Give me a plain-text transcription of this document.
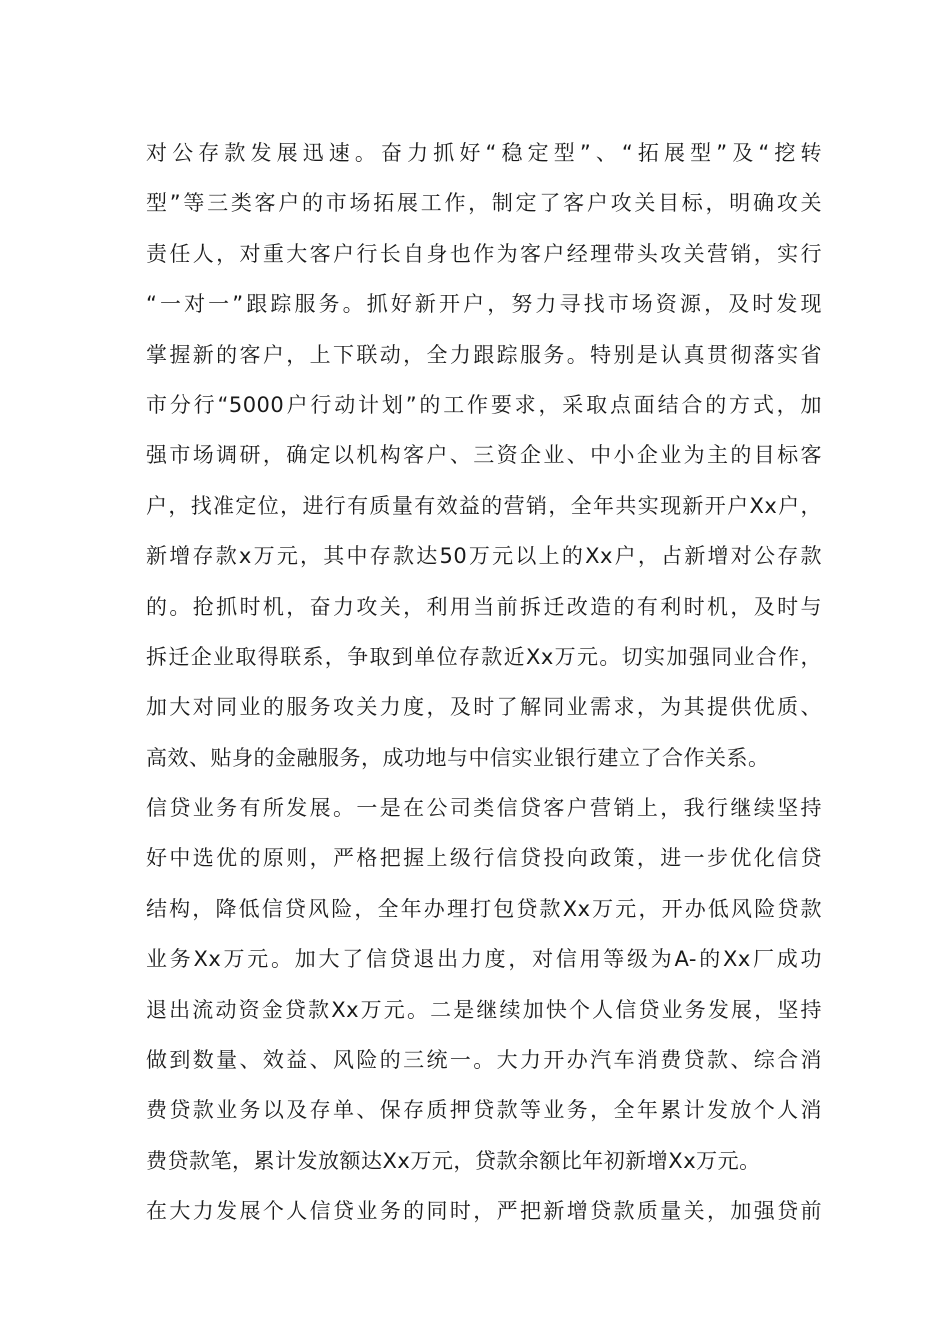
对公存款发展迅速。奋力抓好“稳定型”、“拓展型”及“挖转
型”等三类客户的市场拓展工作，制定了客户攻关目标，明确攻关
责任人，对重大客户行长自身也作为客户经理带头攻关营销，实行
“一对一”跟踪服务。抓好新开户，努力寻找市场资源，及时发现
掌握新的客户，上下联动，全力跟踪服务。特别是认真贯彻落实省
市分行“5000户行动计划”的工作要求，采取点面结合的方式，加
强市场调研，确定以机构客户、三资企业、中小企业为主的目标客
户，找准定位，进行有质量有效益的营销，全年共实现新开户Xx户，
新增存款x万元，其中存款达50万元以上的Xx户，占新增对公存款
的。抢抓时机，奋力攻关，利用当前拆迁改造的有利时机，及时与
拆迁企业取得联系，争取到单位存款近Xx万元。切实加强同业合作，
加大对同业的服务攻关力度，及时了解同业需求，为其提供优质、
高效、贴身的金融服务，成功地与中信实业银行建立了合作关系。
信贷业务有所发展。一是在公司类信贷客户营销上，我行继续坚持
好中选优的原则，严格把握上级行信贷投向政策，进一步优化信贷
结构，降低信贷风险，全年办理打包贷款Xx万元，开办低风险贷款
业务Xx万元。加大了信贷退出力度，对信用等级为A-的Xx厂成功
退出流动资金贷款Xx万元。二是继续加快个人信贷业务发展，坚持
做到数量、效益、风险的三统一。大力开办汽车消费贷款、综合消
费贷款业务以及存单、保存质押贷款等业务，全年累计发放个人消
费贷款笔，累计发放额达Xx万元，贷款余额比年初新增Xx万元。
在大力发展个人信贷业务的同时，严把新增贷款质量关，加强贷前
